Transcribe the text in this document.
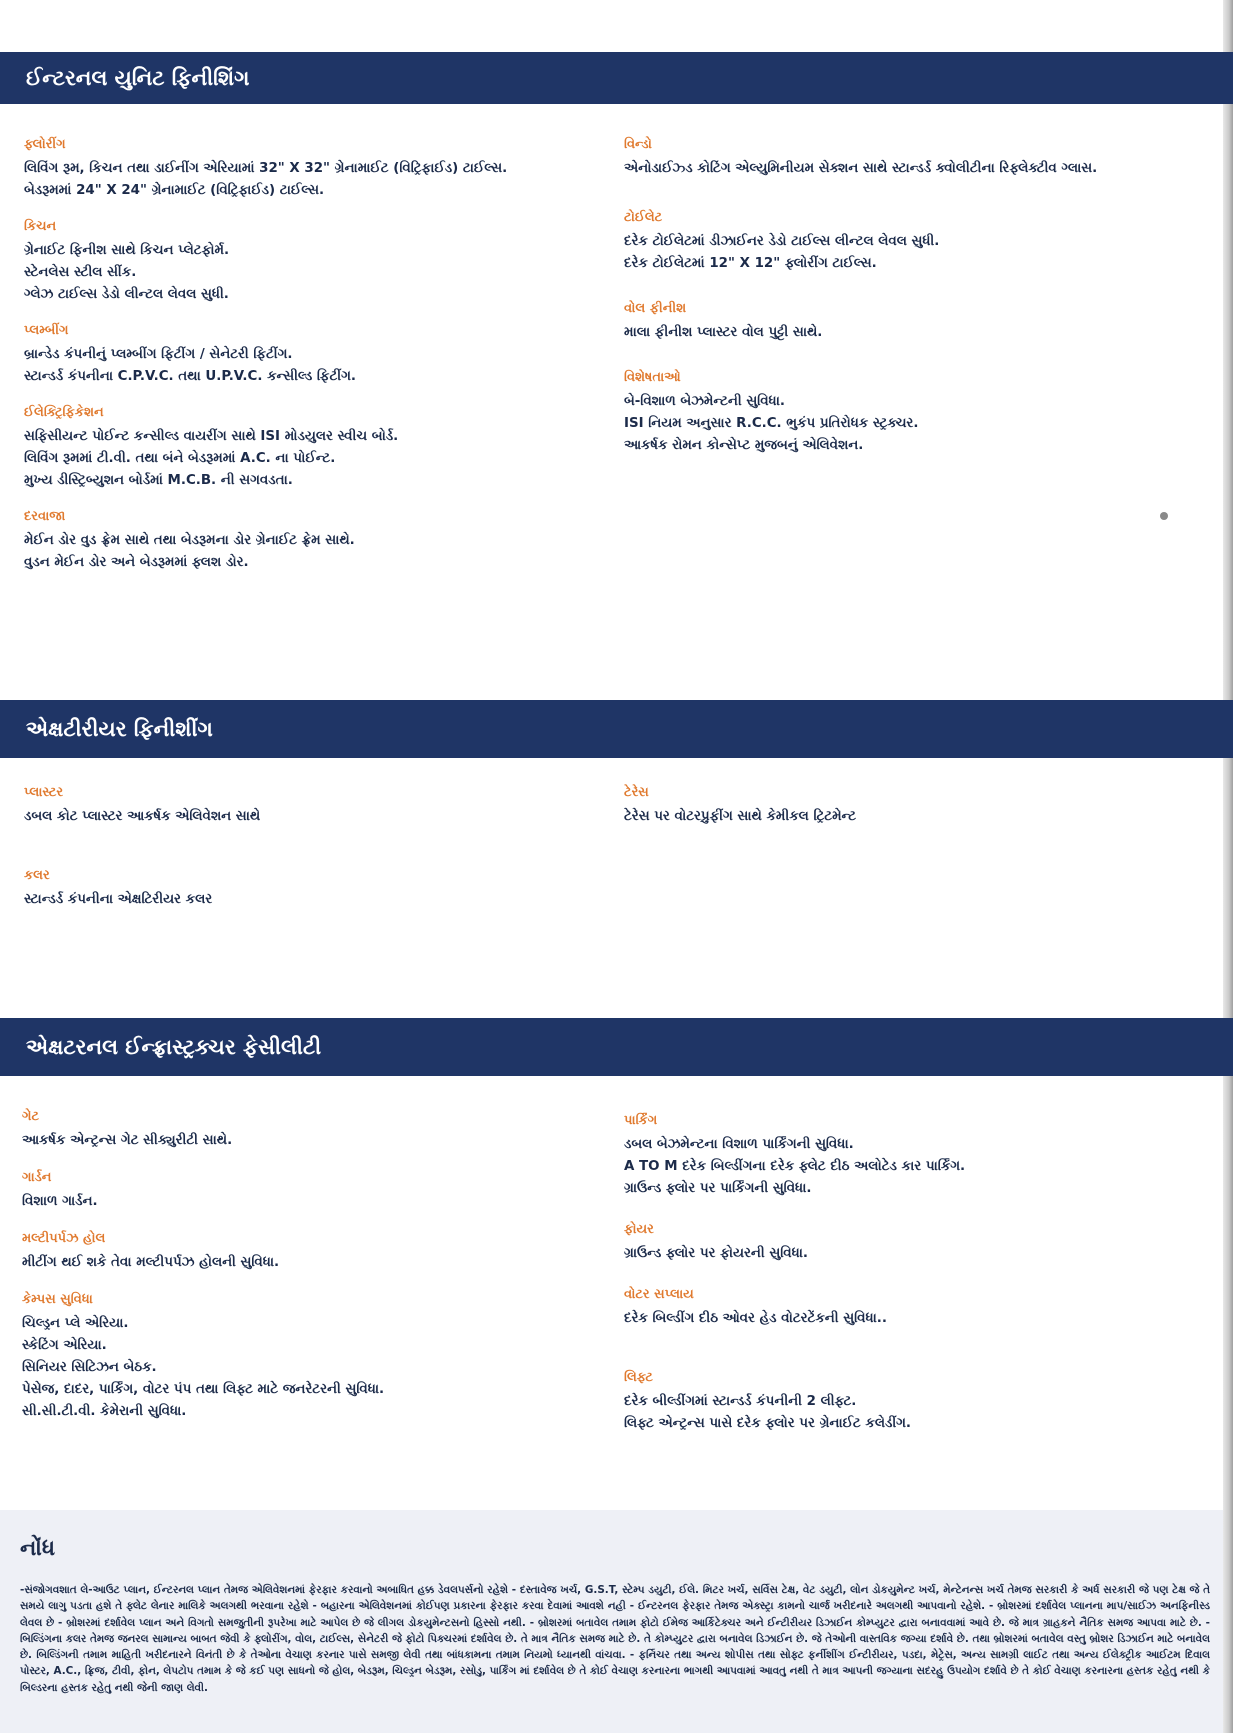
ઈન્ટરનલ યુનિટ ફિનીશિંગ
ફ્લોરીંગ
લિવિંગ રૂમ, કિચન તથા ડાઈનીંગ એરિયામાં 32" X 32" ગ્રેનામાઈટ (વિટ્રિફાઈડ) ટાઈલ્સ.
બેડરૂમમાં 24" X 24" ગ્રેનામાઈટ (વિટ્રિફાઈડ) ટાઈલ્સ.
કિચન
ગ્રેનાઈટ ફિનીશ સાથે કિચન પ્લેટફોર્મ.
સ્ટેનલેસ સ્ટીલ સીંક.
ગ્લેઝ ટાઈલ્સ ડેડો લીન્ટલ લેવલ સુધી.
પ્લમ્બીંગ
બ્રાન્ડેડ કંપનીનું પ્લમ્બીંગ ફિટીંગ / સેનેટરી ફિટીંગ.
સ્ટાન્ડર્ડ કંપનીના C.P.V.C. તથા U.P.V.C. કન્સીલ્ડ ફિટીંગ.
ઈલેક્ટ્રિફિકેશન
સફિસીયન્ટ પોઈન્ટ કન્સીલ્ડ વાયરીંગ સાથે ISI મોડયુલર સ્વીચ બોર્ડ.
લિવિંગ રૂમમાં ટી.વી. તથા બંને બેડરૂમમાં A.C. ના પોઈન્ટ.
મુખ્ય ડીસ્ટ્રિબ્યુશન બોર્ડમાં M.C.B. ની સગવડતા.
દરવાજા
મેઈન ડોર વુડ ફ્રેમ સાથે તથા બેડરૂમના ડોર ગ્રેનાઈટ ફ્રેમ સાથે.
વુડન મેઈન ડોર અને બેડરૂમમાં ફ્લશ ડોર.
વિન્ડો
એનોડાઈઝ્ડ કોટિંગ એલ્યુમિનીયમ સેક્શન સાથે સ્ટાન્ડર્ડ ક્વોલીટીના રિફ્લેક્ટીવ ગ્લાસ.
ટોઈલેટ
દરેક ટોઈલેટમાં ડીઝાઈનર ડેડો ટાઈલ્સ લીન્ટલ લેવલ સુધી.
દરેક ટોઈલેટમાં 12" X 12" ફ્લોરીંગ ટાઈલ્સ.
વોલ ફીનીશ
માલા ફીનીશ પ્લાસ્ટર વોલ પુટ્ટી સાથે.
વિશેષતાઓ
બે-વિશાળ બેઝમેન્ટની સુવિધા.
ISI નિયમ અનુસાર R.C.C. ભુકંપ પ્રતિરોધક સ્ટ્રક્ચર.
આકર્ષક રોમન કોન્સેપ્ટ મુજબનું એલિવેશન.
એક્ષટીરીયર ફિનીશીંગ
પ્લાસ્ટર
ડબલ કોટ પ્લાસ્ટર આકર્ષક એલિવેશન સાથે
કલર
સ્ટાન્ડર્ડ કંપનીના એક્ષટિરીયર કલર
ટેરેસ
ટેરેસ પર વોટરપ્રુફીંગ સાથે કેમીકલ ટ્રિટમેન્ટ
એક્ષટરનલ ઈન્ફ્રાસ્ટ્રક્ચર ફેસીલીટી
ગેટ
આકર્ષક એન્ટ્રન્સ ગેટ સીક્યુરીટી સાથે.
ગાર્ડન
વિશાળ ગાર્ડન.
મલ્ટીપર્પઝ હોલ
મીટીંગ થઈ શકે તેવા મલ્ટીપર્પઝ હોલની સુવિધા.
કેમ્પસ સુવિધા
ચિલ્ડ્રન પ્લે એરિયા.
સ્કેટિંગ એરિયા.
સિનિયર સિટિઝન બેઠક.
પેસેજ, દાદર, પાર્કિંગ, વોટર પંપ તથા લિફ્ટ માટે જનરેટરની સુવિધા.
સી.સી.ટી.વી. કેમેરાની સુવિધા.
પાર્કિંગ
ડબલ બેઝમેન્ટના વિશાળ પાર્કિંગની સુવિધા.
A TO M દરેક બિલ્ડીંગના દરેક ફ્લેટ દીઠ અલોટેડ કાર પાર્કિંગ.
ગ્રાઉન્ડ ફ્લોર પર પાર્કિંગની સુવિધા.
ફોયર
ગ્રાઉન્ડ ફ્લોર પર ફોયરની સુવિધા.
વોટર સપ્લાય
દરેક બિલ્ડીંગ દીઠ ઓવર હેડ વોટરટેંકની સુવિધા..
લિફ્ટ
દરેક બીલ્ડીંગમાં સ્ટાન્ડર્ડ કંપનીની 2 લીફ્ટ.
લિફ્ટ એન્ટ્રન્સ પાસે દરેક ફ્લોર પર ગ્રેનાઈટ કલેડીંગ.
નોંધ
-સંજોગવશાત લે-આઉટ પ્લાન, ઈન્ટરનલ પ્લાન તેમજ એલિવેશનમાં ફેરફાર કરવાનો અબાધિત હક્ક ડેવલપર્સનો રહેશે - દસ્તાવેજ ખર્ચ, G.S.T, સ્ટેમ્પ ડયુટી, ઈલે. મિટર ખર્ચ, સર્વિસ ટેક્ષ, વેટ ડયુટી, લોન ડોકયુમેન્ટ ખર્ચ, મેન્ટેનન્સ ખર્ચ તેમજ સરકારી કે અર્ધ સરકારી જે પણ ટેક્ષ જે તે સમયે લાગુ પડતા હશે તે ફ્લેટ લેનાર માલિકે અલગથી ભરવાના રહેશે - બહારના એલિવેશનમાં કોઈપણ પ્રકારના ફેરફાર કરવા દેવામાં આવશે નહી - ઈન્ટરનલ ફેરફાર તેમજ એક્સ્ટ્રા કામનો ચાર્જ ખરીદનારે અલગથી આપવાનો રહેશે. - બ્રોશરમાં દર્શાવેલ પ્લાનના માપ/સાઈઝ અનફિનીસ્ડ લેવલ છે - બ્રોશરમાં દર્શાવેલ પ્લાન અને વિગતો સમજુતીની રૂપરેખા માટે આપેલ છે જે લીગલ ડોકયુમેન્ટસનો હિસ્સો નથી. - બ્રોશરમાં બતાવેલ તમામ ફોટો ઈમેજ આર્કિટેક્ચર અને ઈન્ટીરીયર ડિઝાઈન કોમ્પ્યુટર દ્વારા બનાવવામાં આવે છે. જે માત્ર ગ્રાહકને નૈતિક સમજ આપવા માટે છે. - બિલ્ડિંગના કલર તેમજ જનરલ સામાન્ય બાબત જેવી કે ફ્લોરીંગ, વોલ, ટાઈલ્સ, સેનેટરી જે ફોટો પિક્ચરમાં દર્શાવેલ છે. તે માત્ર નૈતિક સમજ માટે છે. તે કોમ્પ્યુટર દ્વારા બનાવેલ ડિઝાઈન છે. જે તેઓની વાસ્તવિક જગ્યા દર્શાવે છે. તથા બ્રોશરમાં બતાવેલ વસ્તુ બ્રોશર ડિઝાઈન માટે બનાવેલ છે. બિલ્ડિંગની તમામ માહિતી ખરીદનારને વિનંતી છે કે તેઓના વેચાણ કરનાર પાસે સમજી લેવી તથા બાંધકામના તમામ નિયમો ધ્યાનથી વાંચવા. - ફર્નિચર તથા અન્ય શોપીસ તથા સોફ્ટ ફર્નીશીંગ ઈન્ટીરીયર, પડદા, મેટ્રેસ, અન્ય સામગ્રી લાઈટ તથા અન્ય ઈલેક્ટ્રીક આઈટમ દિવાલ પોસ્ટર, A.C., ફ્રિજ, ટીવી, ફોન, લેપટોપ તમામ કે જે કઈ પણ સાધનો જે હોલ, બેડરૂમ, ચિલ્ડ્રન બેડરૂમ, રસોડુ, પાર્કિંગ માં દર્શાવેલ છે તે કોઈ વેચાણ કરનારના ભાગથી આપવામાં આવતુ નથી તે માત્ર આપની જગ્યાના સદરહુ ઉપયોગ દર્શાવે છે તે કોઈ વેચાણ કરનારના હસ્તક રહેતુ નથી કે બિલ્ડરના હસ્તક રહેતુ નથી જેની જાણ લેવી.
